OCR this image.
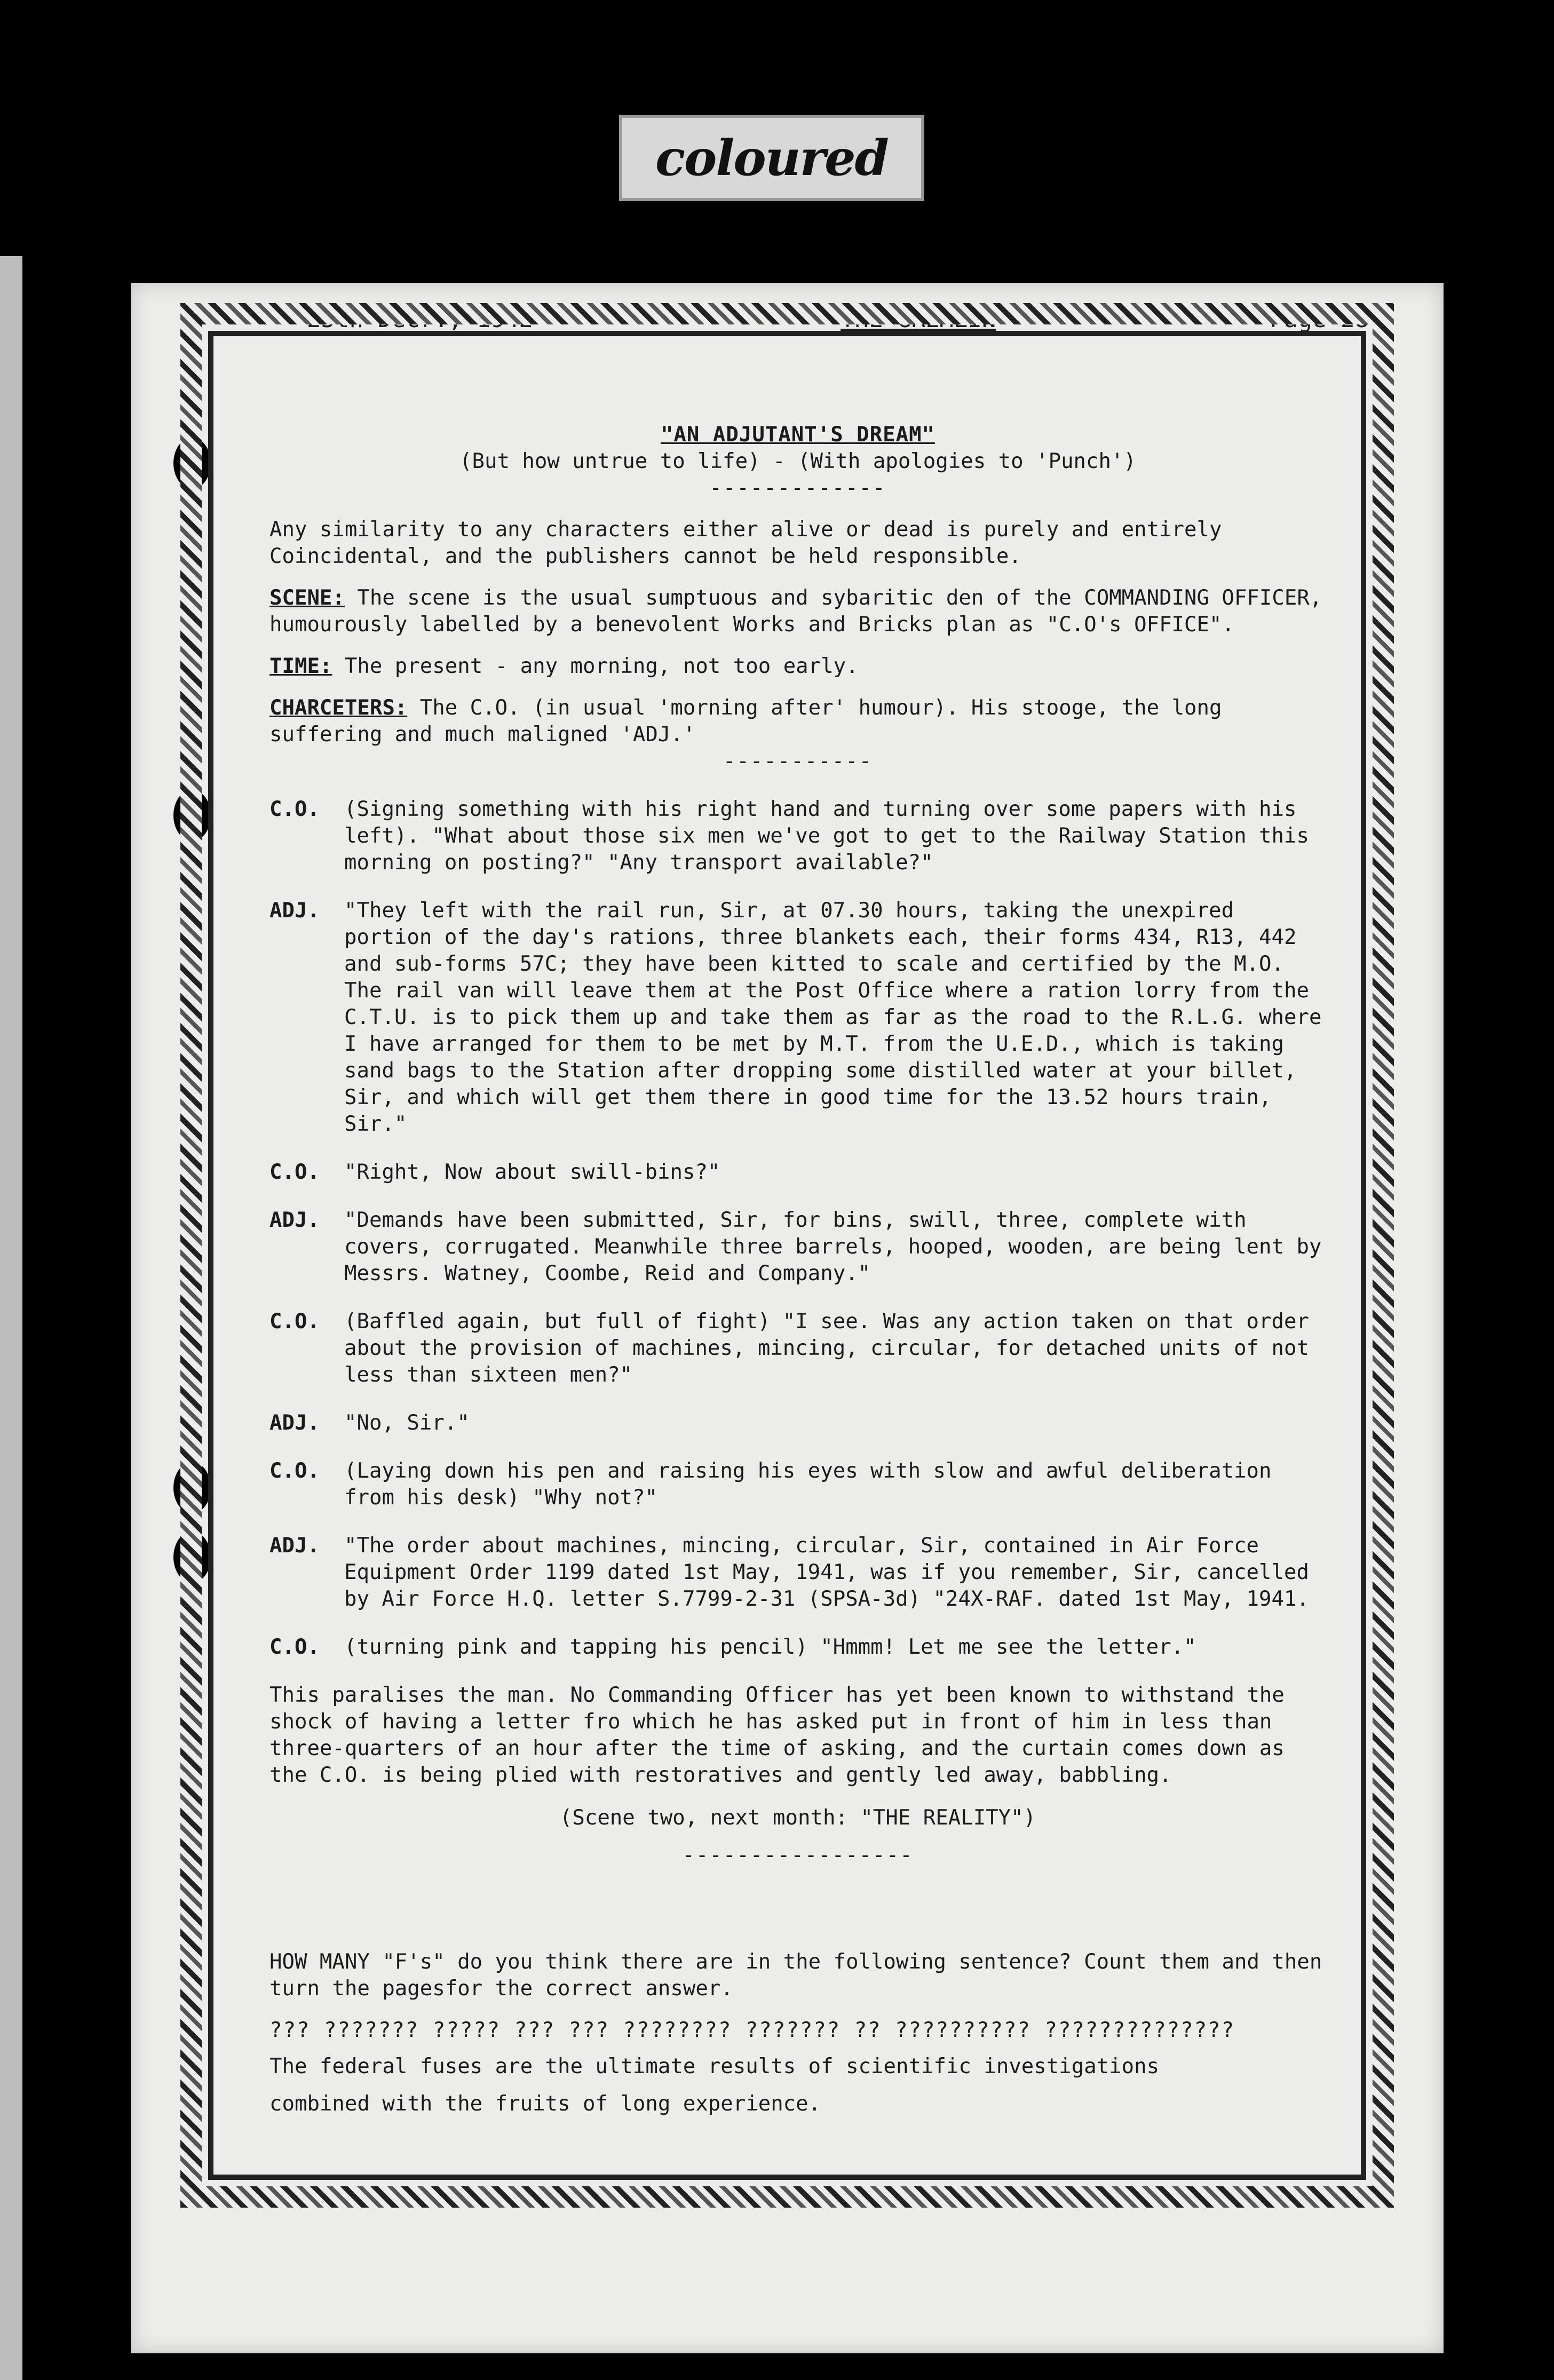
coloured
25th Decr., 1942	THE GREMLIN	Page 28

"AN ADJUTANT'S DREAM"

(But how untrue to life) - (With apologies to 'Punch')

-------------

Any similarity to any characters either alive or dead is purely and entirely Coincidental, and the publishers cannot be held responsible.

SCENE: The scene is the usual sumptuous and sybaritic den of the COMMANDING OFFICER, humourously labelled by a benevolent Works and Bricks plan as "C.O's OFFICE".

TIME: The present - any morning, not too early.

CHARCETERS: The C.O. (in usual 'morning after' humour). His stooge, the long suffering and much maligned 'ADJ.'

-----------

C.O.	(Signing something with his right hand and turning over some papers with his left). "What about those six men we've got to get to the Railway Station this morning on posting?" "Any transport available?"
ADJ.	"They left with the rail run, Sir, at 07.30 hours, taking the unexpired portion of the day's rations, three blankets each, their forms 434, R13, 442 and sub-forms 57C; they have been kitted to scale and certified by the M.O. The rail van will leave them at the Post Office where a ration lorry from the C.T.U. is to pick them up and take them as far as the road to the R.L.G. where I have arranged for them to be met by M.T. from the U.E.D., which is taking sand bags to the Station after dropping some distilled water at your billet, Sir, and which will get them there in good time for the 13.52 hours train, Sir."
C.O.	"Right, Now about swill-bins?"
ADJ.	"Demands have been submitted, Sir, for bins, swill, three, complete with covers, corrugated. Meanwhile three barrels, hooped, wooden, are being lent by Messrs. Watney, Coombe, Reid and Company."
C.O.	(Baffled again, but full of fight) "I see. Was any action taken on that order about the provision of machines, mincing, circular, for detached units of not less than sixteen men?"
ADJ.	"No, Sir."
C.O.	(Laying down his pen and raising his eyes with slow and awful deliberation from his desk) "Why not?"
ADJ.	"The order about machines, mincing, circular, Sir, contained in Air Force Equipment Order 1199 dated 1st May, 1941, was if you remember, Sir, cancelled by Air Force H.Q. letter S.7799-2-31 (SPSA-3d) "24X-RAF. dated 1st May, 1941.
C.O.	(turning pink and tapping his pencil) "Hmmm! Let me see the letter."

This paralises the man. No Commanding Officer has yet been known to withstand the shock of having a letter fro which he has asked put in front of him in less than three-quarters of an hour after the time of asking, and the curtain comes down as the C.O. is being plied with restoratives and gently led away, babbling.

(Scene two, next month: "THE REALITY")

-----------------

HOW MANY "F's" do you think there are in the following sentence? Count them and then turn the pagesfor the correct answer.

??? ??????? ????? ??? ??? ???????? ??????? ?? ?????????? ??????????????

The federal fuses are the ultimate results of scientific investigations

combined with the fruits of long experience.
